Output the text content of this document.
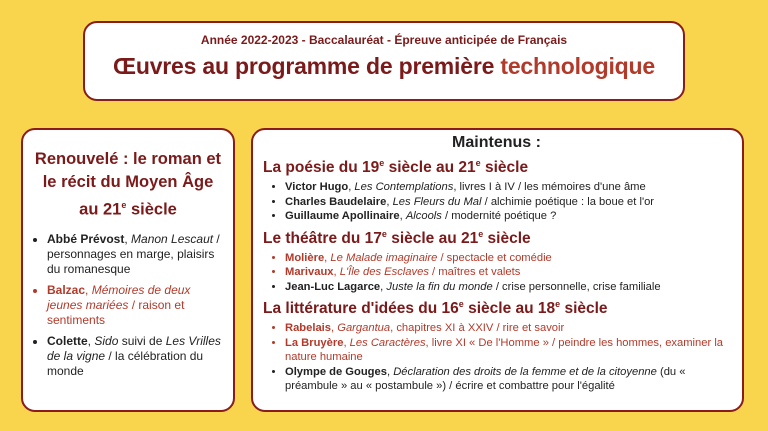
Année 2022-2023 - Baccalauréat - Épreuve anticipée de Français
Œuvres au programme de première technologique
Renouvelé : le roman et
le récit du Moyen Âge
au 21e siècle
• Abbé Prévost, Manon Lescaut / personnages en marge, plaisirs du romanesque
• Balzac, Mémoires de deux jeunes mariées / raison et sentiments
• Colette, Sido suivi de Les Vrilles de la vigne / la célébration du monde
Maintenus :
La poésie du 19e siècle au 21e siècle
• Victor Hugo, Les Contemplations, livres I à IV / les mémoires d'une âme
• Charles Baudelaire, Les Fleurs du Mal / alchimie poétique : la boue et l'or
• Guillaume Apollinaire, Alcools / modernité poétique ?
Le théâtre du 17e siècle au 21e siècle
• Molière, Le Malade imaginaire / spectacle et comédie
• Marivaux, L'Île des Esclaves / maîtres et valets
• Jean-Luc Lagarce, Juste la fin du monde / crise personnelle, crise familiale
La littérature d'idées du 16e siècle au 18e siècle
• Rabelais, Gargantua, chapitres XI à XXIV / rire et savoir
• La Bruyère, Les Caractères, livre XI « De l'Homme » / peindre les hommes, examiner la nature humaine
• Olympe de Gouges, Déclaration des droits de la femme et de la citoyenne (du « préambule » au « postambule ») / écrire et combattre pour l'égalité
